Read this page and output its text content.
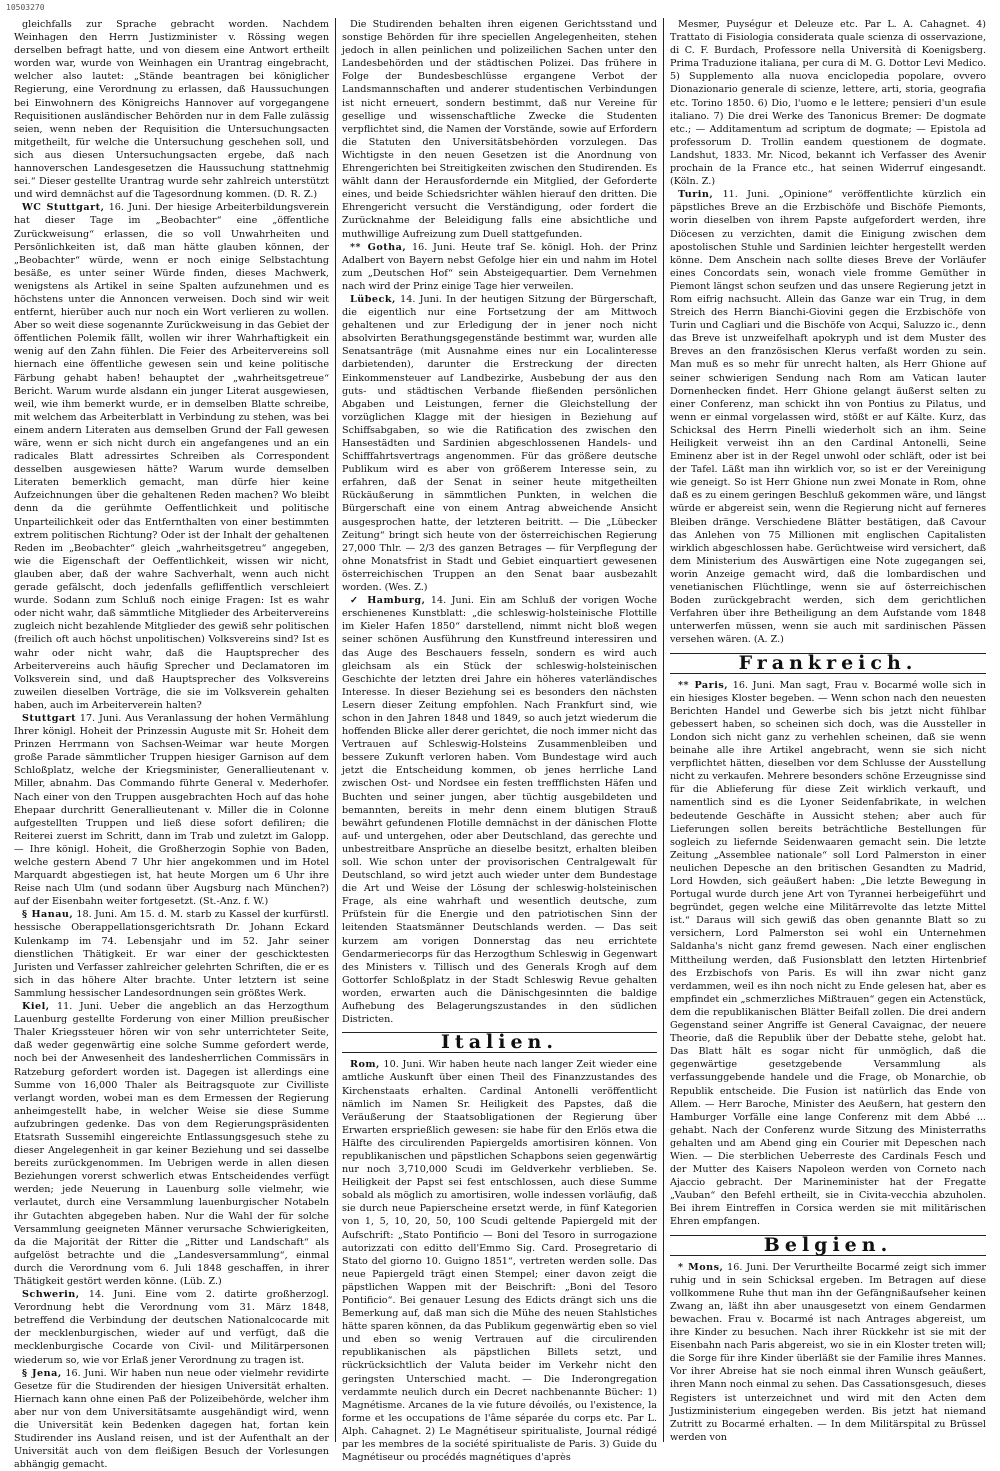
10503270

gleichfalls zur Sprache gebracht worden. Nachdem Weinhagen den Herrn Justizminister v. Rössing wegen derselben befragt hatte, und von diesem eine Antwort ertheilt worden war, wurde von Weinhagen ein Urantrag eingebracht, welcher also lautet: „Stände beantragen bei königlicher Regierung, eine Verordnung zu erlassen, daß Haussuchungen bei Einwohnern des Königreichs Hannover auf vorgegangene Requisitionen ausländischer Behörden nur in dem Falle zulässig seien, wenn neben der Requisition die Untersuchungsacten mitgetheilt, für welche die Untersuchung geschehen soll, und sich aus diesen Untersuchungsacten ergebe, daß nach hannoverschen Landesgesetzen die Haussuchung stattnehmig sei.“ Dieser gestellte Urantrag wurde sehr zahlreich unterstützt und wird demnächst auf die Tagesordnung kommen. (D. R. Z.)

WC Stuttgart, 16. Juni. Der hiesige Arbeiterbildungsverein hat dieser Tage im „Beobachter“ eine „öffentliche Zurückweisung“ erlassen, die so voll Unwahrheiten und Persönlichkeiten ist, daß man hätte glauben können, der „Beobachter“ würde, wenn er noch einige Selbstachtung besäße, es unter seiner Würde finden, dieses Machwerk, wenigstens als Artikel in seine Spalten aufzunehmen und es höchstens unter die Annoncen verweisen. Doch sind wir weit entfernt, hierüber auch nur noch ein Wort verlieren zu wollen. Aber so weit diese sogenannte Zurückweisung in das Gebiet der öffentlichen Polemik fällt, wollen wir ihrer Wahrhaftigkeit ein wenig auf den Zahn fühlen. Die Feier des Arbeitervereins soll hiernach eine öffentliche gewesen sein und keine politische Färbung gehabt haben! behauptet der „wahrheitsgetreue“ Bericht. Warum wurde alsdann ein junger Literat ausgewiesen, weil, wie ihm bemerkt wurde, er in demselben Blatte schreibe, mit welchem das Arbeiterblatt in Verbindung zu stehen, was bei einem andern Literaten aus demselben Grund der Fall gewesen wäre, wenn er sich nicht durch ein angefangenes und an ein radicales Blatt adressirtes Schreiben als Correspondent desselben ausgewiesen hätte? Warum wurde demselben Literaten bemerklich gemacht, man dürfe hier keine Aufzeichnungen über die gehaltenen Reden machen? Wo bleibt denn da die gerühmte Oeffentlichkeit und politische Unparteilichkeit oder das Entfernthalten von einer bestimmten extrem politischen Richtung? Oder ist der Inhalt der gehaltenen Reden im „Beobachter“ gleich „wahrheitsgetreu“ angegeben, wie die Eigenschaft der Oeffentlichkeit, wissen wir nicht, glauben aber, daß der wahre Sachverhalt, wenn auch nicht gerade gefälscht, doch jedenfalls gefliffentlich verschleiert wurde. Sodann zum Schluß noch einige Fragen: Ist es wahr oder nicht wahr, daß sämmtliche Mitglieder des Arbeitervereins zugleich nicht bezahlende Mitglieder des gewiß sehr politischen (freilich oft auch höchst unpolitischen) Volksvereins sind? Ist es wahr oder nicht wahr, daß die Hauptsprecher des Arbeitervereins auch häufig Sprecher und Declamatoren im Volksverein sind, und daß Hauptsprecher des Volksvereins zuweilen dieselben Vorträge, die sie im Volksverein gehalten haben, auch im Arbeiterverein halten?

Stuttgart 17. Juni. Aus Veranlassung der hohen Vermählung Ihrer königl. Hoheit der Prinzessin Auguste mit Sr. Hoheit dem Prinzen Herrmann von Sachsen-Weimar war heute Morgen große Parade sämmtlicher Truppen hiesiger Garnison auf dem Schloßplatz, welche der Kriegsminister, Generallieutenant v. Miller, abnahm. Das Commando führte General v. Mederhofer. Nach einer von den Truppen ausgebrachten Hoch auf das hohe Ehepaar durchritt Generallieutenant v. Miller die in Colonne aufgestellten Truppen und ließ diese sofort defiliren; die Reiterei zuerst im Schritt, dann im Trab und zuletzt im Galopp. — Ihre königl. Hoheit, die Großherzogin Sophie von Baden, welche gestern Abend 7 Uhr hier angekommen und im Hotel Marquardt abgestiegen ist, hat heute Morgen um 6 Uhr ihre Reise nach Ulm (und sodann über Augsburg nach München?) auf der Eisenbahn weiter fortgesetzt. (St.-Anz. f. W.)

§ Hanau, 18. Juni. Am 15. d. M. starb zu Kassel der kurfürstl. hessische Oberappellationsgerichtsrath Dr. Johann Eckard Kulenkamp im 74. Lebensjahr und im 52. Jahr seiner dienstlichen Thätigkeit. Er war einer der geschicktesten Juristen und Verfasser zahlreicher gelehrten Schriften, die er es sich in das höhere Alter brachte. Unter letztern ist seine Sammlung hessischer Landesordnungen sein größtes Werk.

Kiel, 11. Juni. Ueber die angeblich an das Herzogthum Lauenburg gestellte Forderung von einer Million preußischer Thaler Kriegssteuer hören wir von sehr unterrichteter Seite, daß weder gegenwärtig eine solche Summe gefordert werde, noch bei der Anwesenheit des landesherrlichen Commissärs in Ratzeburg gefordert worden ist. Dagegen ist allerdings eine Summe von 16,000 Thaler als Beitragsquote zur Civilliste verlangt worden, wobei man es dem Ermessen der Regierung anheimgestellt habe, in welcher Weise sie diese Summe aufzubringen gedenke. Das von dem Regierungspräsidenten Etatsrath Sussemihl eingereichte Entlassungsgesuch stehe zu dieser Angelegenheit in gar keiner Beziehung und sei dasselbe bereits zurückgenommen. Im Uebrigen werde in allen diesen Beziehungen vorerst schwerlich etwas Entscheidendes verfügt werden; jede Neuerung in Lauenburg solle vielmehr, wie verlautet, durch eine Versammlung lauenburgischer Notabeln ihr Gutachten abgegeben haben. Nur die Wahl der für solche Versammlung geeigneten Männer verursache Schwierigkeiten, da die Majorität der Ritter die „Ritter und Landschaft“ als aufgelöst betrachte und die „Landesversammlung“, einmal durch die Verordnung vom 6. Juli 1848 geschaffen, in ihrer Thätigkeit gestört werden könne. (Lüb. Z.)

Schwerin, 14. Juni. Eine vom 2. datirte großherzogl. Verordnung hebt die Verordnung vom 31. März 1848, betreffend die Verbindung der deutschen Nationalcocarde mit der mecklenburgischen, wieder auf und verfügt, daß die mecklenburgische Cocarde von Civil- und Militärpersonen wiederum so, wie vor Erlaß jener Verordnung zu tragen ist.

§ Jena, 16. Juni. Wir haben nun neue oder vielmehr revidirte Gesetze für die Studirenden der hiesigen Universität erhalten. Hiernach kann ohne einen Paß der Polizeibehörde, welcher ihm aber nur von dem Universitätsamte ausgehändigt wird, wenn die Universität kein Bedenken dagegen hat, fortan kein Studirender ins Ausland reisen, und ist der Aufenthalt an der Universität auch von dem fleißigen Besuch der Vorlesungen abhängig gemacht.

Die Studirenden behalten ihren eigenen Gerichtsstand und sonstige Behörden für ihre speciellen Angelegenheiten, stehen jedoch in allen peinlichen und polizeilichen Sachen unter den Landesbehörden und der städtischen Polizei. Das frühere in Folge der Bundesbeschlüsse ergangene Verbot der Landsmannschaften und anderer studentischen Verbindungen ist nicht erneuert, sondern bestimmt, daß nur Vereine für gesellige und wissenschaftliche Zwecke die Studenten verpflichtet sind, die Namen der Vorstände, sowie auf Erfordern die Statuten den Universitätsbehörden vorzulegen. Das Wichtigste in den neuen Gesetzen ist die Anordnung von Ehrengerichten bei Streitigkeiten zwischen den Studirenden. Es wählt dann der Herausfordernde ein Mitglied, der Geforderte eines, und beide Schiedsrichter wählen hierauf den dritten. Die Ehrengericht versucht die Verständigung, oder fordert die Zurücknahme der Beleidigung falls eine absichtliche und muthwillige Aufreizung zum Duell stattgefunden.

** Gotha, 16. Juni. Heute traf Se. königl. Hoh. der Prinz Adalbert von Bayern nebst Gefolge hier ein und nahm im Hotel zum „Deutschen Hof“ sein Absteigequartier. Dem Vernehmen nach wird der Prinz einige Tage hier verweilen.

Lübeck, 14. Juni. In der heutigen Sitzung der Bürgerschaft, die eigentlich nur eine Fortsetzung der am Mittwoch gehaltenen und zur Erledigung der in jener noch nicht absolvirten Berathungsgegenstände bestimmt war, wurden alle Senatsanträge (mit Ausnahme eines nur ein Localinteresse darbietenden), darunter die Erstreckung der directen Einkommensteuer auf Landbezirke, Ausbebung der aus den guts- und städtischen Verbande fließenden persönlichen Abgaben und Leistungen, ferner die Gleichstellung der vorzüglichen Klagge mit der hiesigen in Beziehung auf Schiffsabgaben, so wie die Ratification des zwischen den Hansestädten und Sardinien abgeschlossenen Handels- und Schifffahrtsvertrags angenommen. Für das größere deutsche Publikum wird es aber von größerem Interesse sein, zu erfahren, daß der Senat in seiner heute mitgetheilten Rückäußerung in sämmtlichen Punkten, in welchen die Bürgerschaft eine von einem Antrag abweichende Ansicht ausgesprochen hatte, der letzteren beitritt. — Die „Lübecker Zeitung“ bringt sich heute von der österreichischen Regierung 27,000 Thlr. — 2/3 des ganzen Betrages — für Verpflegung der ohne Monatsfrist in Stadt und Gebiet einquartiert gewesenen österreichischen Truppen an den Senat baar ausbezahlt worden. (Wes. Z.)

✓ Hamburg, 14. Juni. Ein am Schluß der vorigen Woche erschienenes Kunstblatt: „die schleswig-holsteinische Flottille im Kieler Hafen 1850“ darstellend, nimmt nicht bloß wegen seiner schönen Ausführung den Kunstfreund interessiren und das Auge des Beschauers fesseln, sondern es wird auch gleichsam als ein Stück der schleswig-holsteinischen Geschichte der letzten drei Jahre ein höheres vaterländisches Interesse. In dieser Beziehung sei es besonders den nächsten Lesern dieser Zeitung empfohlen. Nach Frankfurt sind, wie schon in den Jahren 1848 und 1849, so auch jetzt wiederum die hoffenden Blicke aller derer gerichtet, die noch immer nicht das Vertrauen auf Schleswig-Holsteins Zusammenbleiben und bessere Zukunft verloren haben. Vom Bundestage wird auch jetzt die Entscheidung kommen, ob jenes herrliche Land zwischen Ost- und Nordsee ein festen treffflichsten Häfen und Buchten und seiner jungen, aber tüchtig ausgebildeten und bemannten, bereits in mehr denn einem blutigen Strauß bewährt gefundenen Flotille demnächst in der dänischen Flotte auf- und untergehen, oder aber Deutschland, das gerechte und unbestreitbare Ansprüche an dieselbe besitzt, erhalten bleiben soll. Wie schon unter der provisorischen Centralgewalt für Deutschland, so wird jetzt auch wieder unter dem Bundestage die Art und Weise der Lösung der schleswig-holsteinischen Frage, als eine wahrhaft und wesentlich deutsche, zum Prüfstein für die Energie und den patriotischen Sinn der leitenden Staatsmänner Deutschlands werden. — Das seit kurzem am vorigen Donnerstag das neu errichtete Gendarmeriecorps für das Herzogthum Schleswig in Gegenwart des Ministers v. Tillisch und des Generals Krogh auf dem Gottorfer Schloßplatz in der Stadt Schleswig Revue gehalten worden, erwarten auch die Dänischgesinnten die baldige Aufhebung des Belagerungszustandes in den südlichen Districten.

Italien.

Rom, 10. Juni. Wir haben heute nach langer Zeit wieder eine amtliche Auskunft über einen Theil des Finanzzustandes des Kirchenstaats erhalten. Cardinal Antonelli veröffentlicht nämlich im Namen Sr. Heiligkeit des Papstes, daß die Veräußerung der Staatsobligationen der Regierung über Erwarten ersprießlich gewesen: sie habe für den Erlös etwa die Hälfte des circulirenden Papiergelds amortisiren können. Von republikanischen und päpstlichen Schapbons seien gegenwärtig nur noch 3,710,000 Scudi im Geldverkehr verblieben. Se. Heiligkeit der Papst sei fest entschlossen, auch diese Summe sobald als möglich zu amortisiren, wolle indessen vorläufig, daß sie durch neue Papierscheine ersetzt werde, in fünf Kategorien von 1, 5, 10, 20, 50, 100 Scudi geltende Papiergeld mit der Aufschrift: „Stato Pontificio — Boni del Tesoro in surrogazione autorizzati con editto dell'Emmo Sig. Card. Prosegretario di Stato del giorno 10. Guigno 1851“, vertreten werden solle. Das neue Papiergeld trägt einen Stempel; einer davon zeigt die päpstlichen Wappen mit der Beischrift: „Boni del Tesoro Pontificio“. Bei genauer Lesung des Edicts drängt sich uns die Bemerkung auf, daß man sich die Mühe des neuen Stahlstiches hätte sparen können, da das Publikum gegenwärtig eben so viel und eben so wenig Vertrauen auf die circulirenden republikanischen als päpstlichen Billets setzt, und rückrücksichtlich der Valuta beider im Verkehr nicht den geringsten Unterschied macht. — Die Inderongregation verdammte neulich durch ein Decret nachbenannte Bücher: 1) Magnétisme. Arcanes de la vie future dévoilés, ou l'existence, la forme et les occupations de l'âme séparée du corps etc. Par L. Alph. Cahagnet. 2) Le Magnétiseur spiritualiste, Journal rédigé par les membres de la société spiritualiste de Paris. 3) Guide du Magnétiseur ou procédés magnétiques d'après

Mesmer, Puységur et Deleuze etc. Par L. A. Cahagnet. 4) Trattato di Fisiologia considerata quale scienza di osservazione, di C. F. Burdach, Professore nella Università di Koenigsberg. Prima Traduzione italiana, per cura di M. G. Dottor Levi Medico. 5) Supplemento alla nuova enciclopedia popolare, ovvero Dionazionario generale di scienze, lettere, arti, storia, geografia etc. Torino 1850. 6) Dio, l'uomo e le lettere; pensieri d'un esule italiano. 7) Die drei Werke des Tanonicus Bremer: De dogmate etc.; — Additamentum ad scriptum de dogmate; — Epistola ad professorum D. Trollin eandem questionem de dogmate. Landshut, 1833. Mr. Nicod, bekannt ich Verfasser des Avenir prochain de la France etc., hat seinen Widerruf eingesandt. (Köln. Z.)

Turin, 11. Juni. „Opinione“ veröffentlichte kürzlich ein päpstliches Breve an die Erzbischöfe und Bischöfe Piemonts, worin dieselben von ihrem Papste aufgefordert werden, ihre Diöcesen zu verzichten, damit die Einigung zwischen dem apostolischen Stuhle und Sardinien leichter hergestellt werden könne. Dem Anschein nach sollte dieses Breve der Vorläufer eines Concordats sein, wonach viele fromme Gemüther in Piemont längst schon seufzen und das unsere Regierung jetzt in Rom eifrig nachsucht. Allein das Ganze war ein Trug, in dem Streich des Herrn Bianchi-Giovini gegen die Erzbischöfe von Turin und Cagliari und die Bischöfe von Acqui, Saluzzo ic., denn das Breve ist unzweifelhaft apokryph und ist dem Muster des Breves an den französischen Klerus verfaßt worden zu sein. Man muß es so mehr für unrecht halten, als Herr Ghione auf seiner schwierigen Sendung nach Rom am Vatican lauter Dornenhecken findet. Herr Ghione gelangt äußerst selten zu einer Conferenz, man schickt ihn von Pontius zu Pilatus, und wenn er einmal vorgelassen wird, stößt er auf Kälte. Kurz, das Schicksal des Herrn Pinelli wiederholt sich an ihm. Seine Heiligkeit verweist ihn an den Cardinal Antonelli, Seine Eminenz aber ist in der Regel unwohl oder schläft, oder ist bei der Tafel. Läßt man ihn wirklich vor, so ist er der Vereinigung wie geneigt. So ist Herr Ghione nun zwei Monate in Rom, ohne daß es zu einem geringen Beschluß gekommen wäre, und längst würde er abgereist sein, wenn die Regierung nicht auf ferneres Bleiben dränge. Verschiedene Blätter bestätigen, daß Cavour das Anlehen von 75 Millionen mit englischen Capitalisten wirklich abgeschlossen habe. Gerüchtweise wird versichert, daß dem Ministerium des Auswärtigen eine Note zugegangen sei, worin Anzeige gemacht wird, daß die lombardischen und venetianischen Flüchtlinge, wenn sie auf österreichischen Boden zurückgebracht werden, sich dem gerichtlichen Verfahren über ihre Betheiligung an dem Aufstande vom 1848 unterwerfen müssen, wenn sie auch mit sardinischen Pässen versehen wären. (A. Z.)

Frankreich.

** Paris, 16. Juni. Man sagt, Frau v. Bocarmé wolle sich in ein hiesiges Kloster begeben. — Wenn schon nach den neuesten Berichten Handel und Gewerbe sich bis jetzt nicht fühlbar gebessert haben, so scheinen sich doch, was die Aussteller in London sich nicht ganz zu verhehlen scheinen, daß sie wenn beinahe alle ihre Artikel angebracht, wenn sie sich nicht verpflichtet hätten, dieselben vor dem Schlusse der Ausstellung nicht zu verkaufen. Mehrere besonders schöne Erzeugnisse sind für die Ablieferung für diese Zeit wirklich verkauft, und namentlich sind es die Lyoner Seidenfabrikate, in welchen bedeutende Geschäfte in Aussicht stehen; aber auch für Lieferungen sollen bereits beträchtliche Bestellungen für sogleich zu liefernde Seidenwaaren gemacht sein. Die letzte Zeitung „Assemblee nationale“ soll Lord Palmerston in einer neulichen Depesche an den britischen Gesandten zu Madrid, Lord Howden, sich geäußert haben: „Die letzte Bewegung in Portugal wurde durch jene Art von Tyrannei herbeigeführt und begründet, gegen welche eine Militärrevolte das letzte Mittel ist.“ Daraus will sich gewiß das oben genannte Blatt so zu versichern, Lord Palmerston sei wohl ein Unternehmen Saldanha's nicht ganz fremd gewesen. Nach einer englischen Mittheilung werden, daß Fusionsblatt den letzten Hirtenbrief des Erzbischofs von Paris. Es will ihn zwar nicht ganz verdammen, weil es ihn noch nicht zu Ende gelesen hat, aber es empfindet ein „schmerzliches Mißtrauen“ gegen ein Actenstück, dem die republikanischen Blätter Beifall zollen. Die drei andern Gegenstand seiner Angriffe ist General Cavaignac, der neuere Theorie, daß die Republik über der Debatte stehe, gelobt hat. Das Blatt hält es sogar nicht für unmöglich, daß die gegenwärtige gesetzgebende Versammlung als verfassunggebende handele und die Frage, ob Monarchie, ob Republik entscheide. Die Fusion ist natürlich das Ende von Allem. — Herr Baroche, Minister des Aeußern, hat gestern den Hamburger Vorfälle eine lange Conferenz mit dem Abbé ... gehabt. Nach der Conferenz wurde Sitzung des Ministerraths gehalten und am Abend ging ein Courier mit Depeschen nach Wien. — Die sterblichen Ueberreste des Cardinals Fesch und der Mutter des Kaisers Napoleon werden von Corneto nach Ajaccio gebracht. Der Marineminister hat der Fregatte „Vauban“ den Befehl ertheilt, sie in Civita-vecchia abzuholen. Bei ihrem Eintreffen in Corsica werden sie mit militärischen Ehren empfangen.

Belgien.

* Mons, 16. Juni. Der Verurtheilte Bocarmé zeigt sich immer ruhig und in sein Schicksal ergeben. Im Betragen auf diese vollkommene Ruhe thut man ihn der Gefängnißaufseher keinen Zwang an, läßt ihn aber unausgesetzt von einem Gendarmen bewachen. Frau v. Bocarmé ist nach Antrages abgereist, um ihre Kinder zu besuchen. Nach ihrer Rückkehr ist sie mit der Eisenbahn nach Paris abgereist, wo sie in ein Kloster treten will; die Sorge für ihre Kinder überläßt sie der Familie ihres Mannes. Vor ihrer Abreise hat sie noch einmal ihren Wunsch geäußert, ihren Mann noch einmal zu sehen. Das Cassationsgesuch, dieses Registers ist unterzeichnet und wird mit den Acten dem Justizministerium eingegeben werden. Bis jetzt hat niemand Zutritt zu Bocarmé erhalten. — In dem Militärspital zu Brüssel werden von
